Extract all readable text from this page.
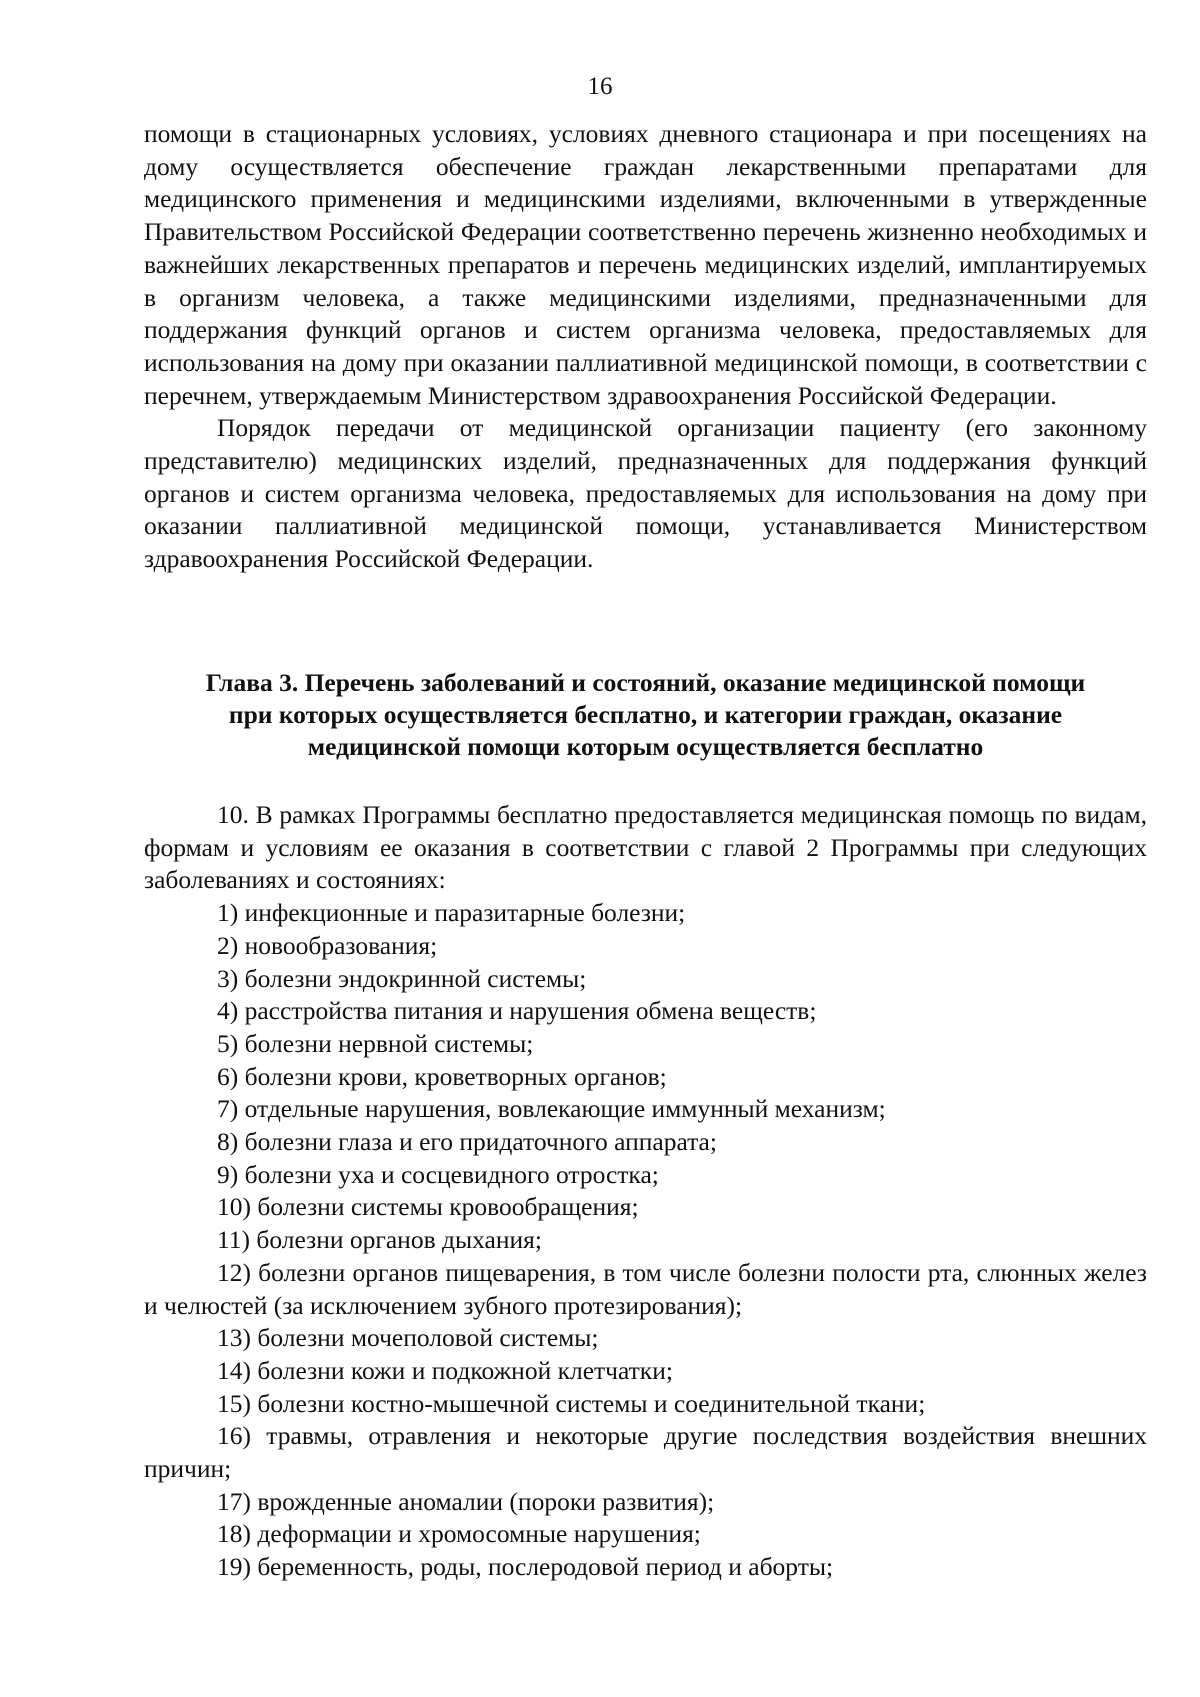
16

помощи в стационарных условиях, условиях дневного стационара и при посещениях на дому осуществляется обеспечение граждан лекарственными препаратами для медицинского применения и медицинскими изделиями, включенными в утвержденные Правительством Российской Федерации соответственно перечень жизненно необходимых и важнейших лекарственных препаратов и перечень медицинских изделий, имплантируемых в организм человека, а также медицинскими изделиями, предназначенными для поддержания функций органов и систем организма человека, предоставляемых для использования на дому при оказании паллиативной медицинской помощи, в соответствии с перечнем, утверждаемым Министерством здравоохранения Российской Федерации.

Порядок передачи от медицинской организации пациенту (его законному представителю) медицинских изделий, предназначенных для поддержания функций органов и систем организма человека, предоставляемых для использования на дому при оказании паллиативной медицинской помощи, устанавливается Министерством здравоохранения Российской Федерации.

Глава 3. Перечень заболеваний и состояний, оказание медицинской помощи
при которых осуществляется бесплатно, и категории граждан, оказание
медицинской помощи которым осуществляется бесплатно

10. В рамках Программы бесплатно предоставляется медицинская помощь по видам, формам и условиям ее оказания в соответствии с главой 2 Программы при следующих заболеваниях и состояниях:

1) инфекционные и паразитарные болезни;

2) новообразования;

3) болезни эндокринной системы;

4) расстройства питания и нарушения обмена веществ;

5) болезни нервной системы;

6) болезни крови, кроветворных органов;

7) отдельные нарушения, вовлекающие иммунный механизм;

8) болезни глаза и его придаточного аппарата;

9) болезни уха и сосцевидного отростка;

10) болезни системы кровообращения;

11) болезни органов дыхания;

12) болезни органов пищеварения, в том числе болезни полости рта, слюнных желез и челюстей (за исключением зубного протезирования);

13) болезни мочеполовой системы;

14) болезни кожи и подкожной клетчатки;

15) болезни костно-мышечной системы и соединительной ткани;

16) травмы, отравления и некоторые другие последствия воздействия внешних причин;

17) врожденные аномалии (пороки развития);

18) деформации и хромосомные нарушения;

19) беременность, роды, послеродовой период и аборты;
